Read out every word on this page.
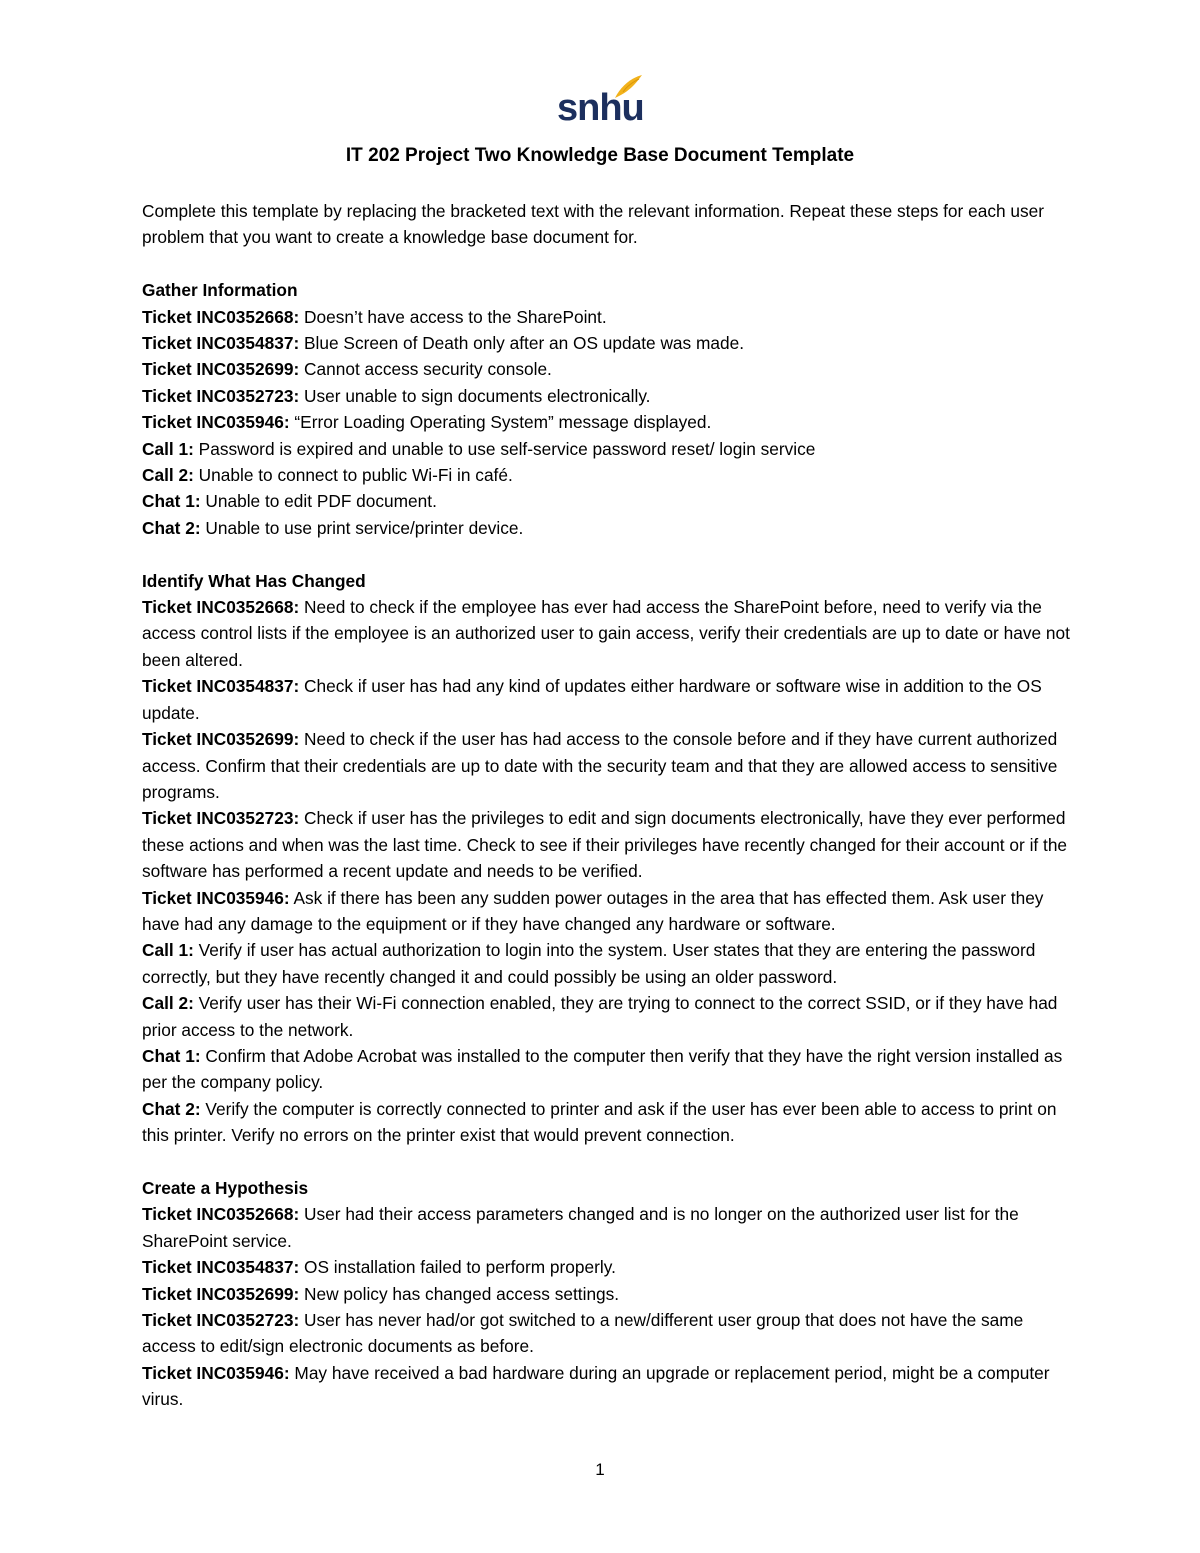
snhu
IT 202 Project Two Knowledge Base Document Template

Complete this template by replacing the bracketed text with the relevant information. Repeat these steps for each user problem that you want to create a knowledge base document for.

Gather Information

Ticket INC0352668: Doesn’t have access to the SharePoint.

Ticket INC0354837: Blue Screen of Death only after an OS update was made.

Ticket INC0352699: Cannot access security console.

Ticket INC0352723: User unable to sign documents electronically.

Ticket INC035946: “Error Loading Operating System” message displayed.

Call 1: Password is expired and unable to use self-service password reset/ login service

Call 2: Unable to connect to public Wi-Fi in café.

Chat 1: Unable to edit PDF document.

Chat 2: Unable to use print service/printer device.

Identify What Has Changed

Ticket INC0352668: Need to check if the employee has ever had access the SharePoint before, need to verify via the access control lists if the employee is an authorized user to gain access, verify their credentials are up to date or have not been altered.

Ticket INC0354837: Check if user has had any kind of updates either hardware or software wise in addition to the OS update.

Ticket INC0352699: Need to check if the user has had access to the console before and if they have current authorized access. Confirm that their credentials are up to date with the security team and that they are allowed access to sensitive programs.

Ticket INC0352723: Check if user has the privileges to edit and sign documents electronically, have they ever performed these actions and when was the last time. Check to see if their privileges have recently changed for their account or if the software has performed a recent update and needs to be verified.

Ticket INC035946: Ask if there has been any sudden power outages in the area that has effected them. Ask user they have had any damage to the equipment or if they have changed any hardware or software.

Call 1: Verify if user has actual authorization to login into the system. User states that they are entering the password correctly, but they have recently changed it and could possibly be using an older password.

Call 2: Verify user has their Wi-Fi connection enabled, they are trying to connect to the correct SSID, or if they have had prior access to the network.

Chat 1: Confirm that Adobe Acrobat was installed to the computer then verify that they have the right version installed as per the company policy.

Chat 2: Verify the computer is correctly connected to printer and ask if the user has ever been able to access to print on this printer. Verify no errors on the printer exist that would prevent connection.

Create a Hypothesis

Ticket INC0352668: User had their access parameters changed and is no longer on the authorized user list for the SharePoint service.

Ticket INC0354837: OS installation failed to perform properly.

Ticket INC0352699: New policy has changed access settings.

Ticket INC0352723: User has never had/or got switched to a new/different user group that does not have the same access to edit/sign electronic documents as before.

Ticket INC035946: May have received a bad hardware during an upgrade or replacement period, might be a computer virus.

1
